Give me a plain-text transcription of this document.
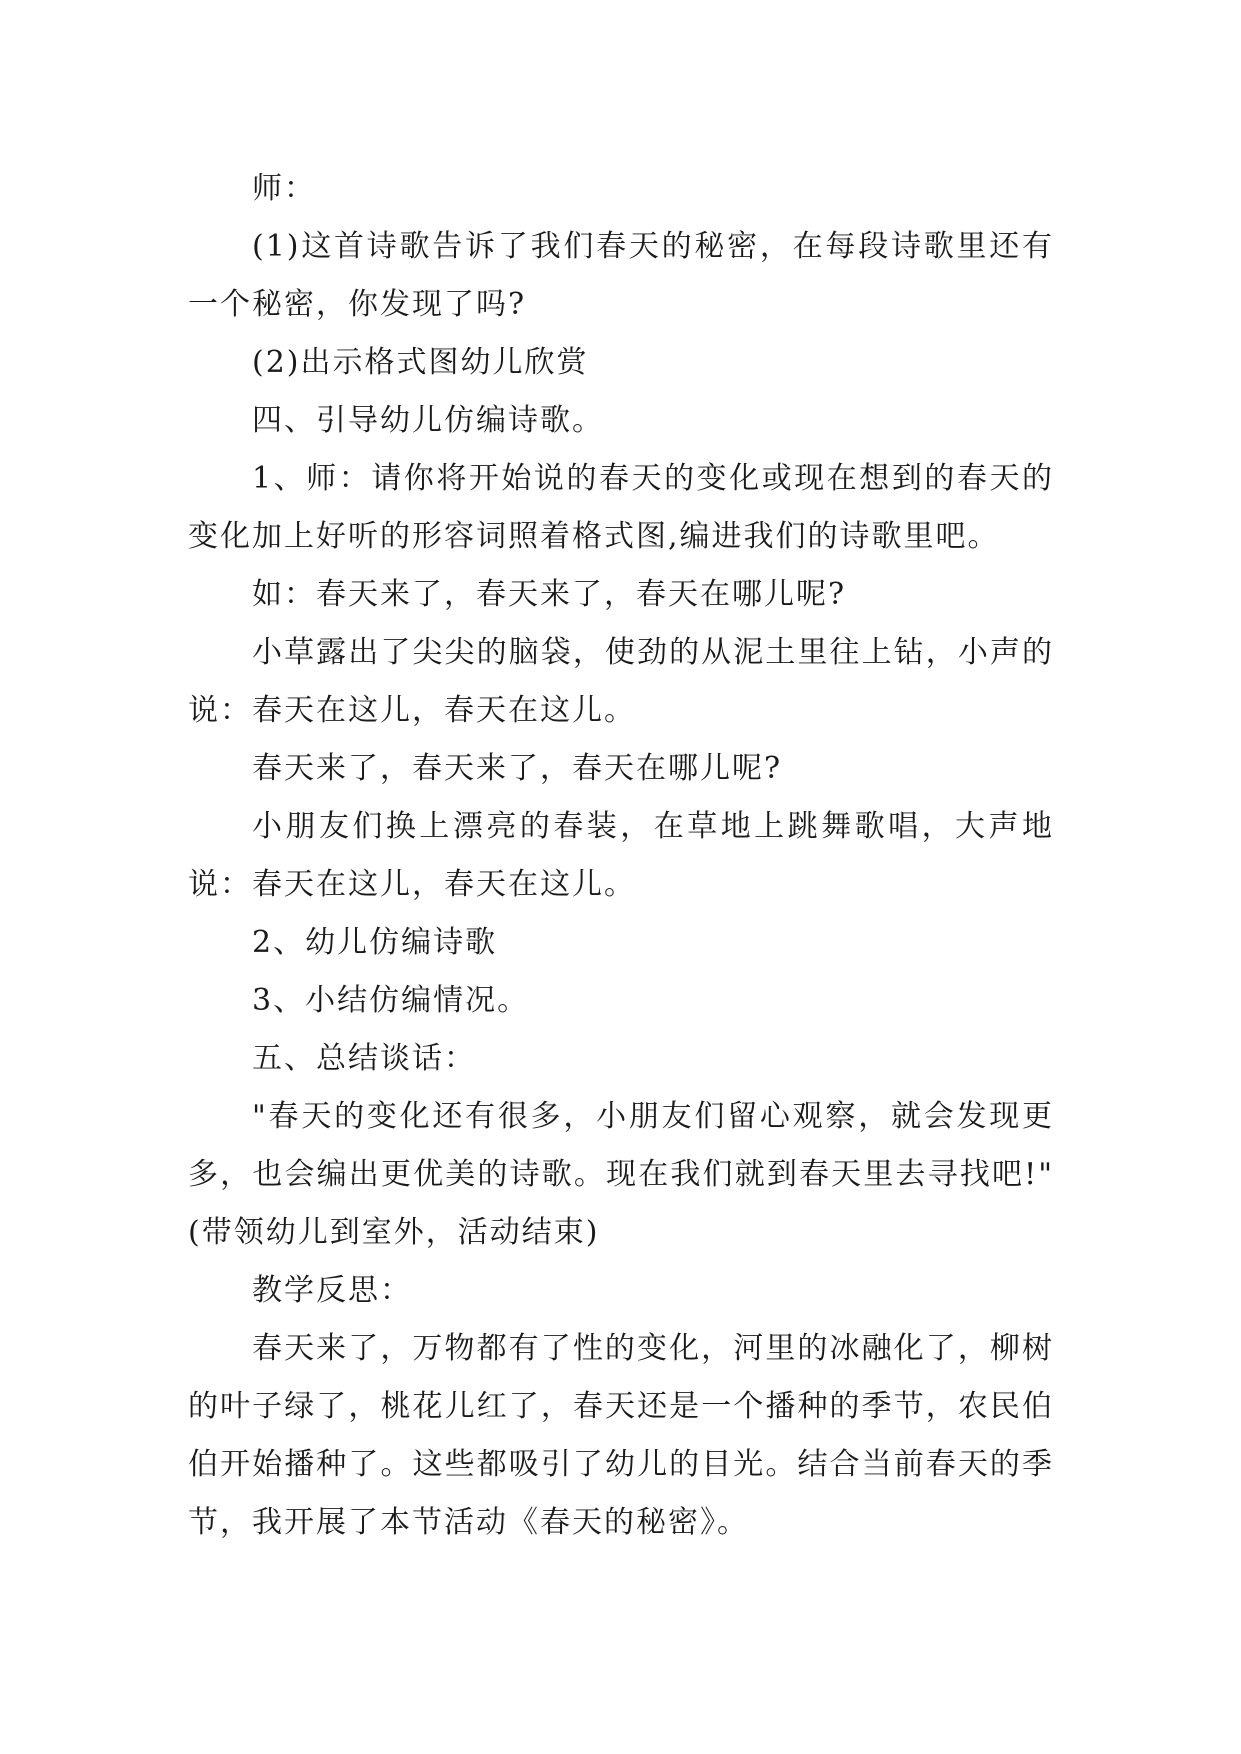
师：

(1)这首诗歌告诉了我们春天的秘密，在每段诗歌里还有一个秘密，你发现了吗?

(2)出示格式图幼儿欣赏

四、引导幼儿仿编诗歌。

1、师：请你将开始说的春天的变化或现在想到的春天的变化加上好听的形容词照着格式图,编进我们的诗歌里吧。

如：春天来了，春天来了，春天在哪儿呢?

小草露出了尖尖的脑袋，使劲的从泥土里往上钻，小声的说：春天在这儿，春天在这儿。

春天来了，春天来了，春天在哪儿呢?

小朋友们换上漂亮的春装，在草地上跳舞歌唱，大声地说：春天在这儿，春天在这儿。

2、幼儿仿编诗歌

3、小结仿编情况。

五、总结谈话：

"春天的变化还有很多，小朋友们留心观察，就会发现更多，也会编出更优美的诗歌。现在我们就到春天里去寻找吧!"(带领幼儿到室外，活动结束)

教学反思：

春天来了，万物都有了性的变化，河里的冰融化了，柳树的叶子绿了，桃花儿红了，春天还是一个播种的季节，农民伯伯开始播种了。这些都吸引了幼儿的目光。结合当前春天的季节，我开展了本节活动《春天的秘密》。
